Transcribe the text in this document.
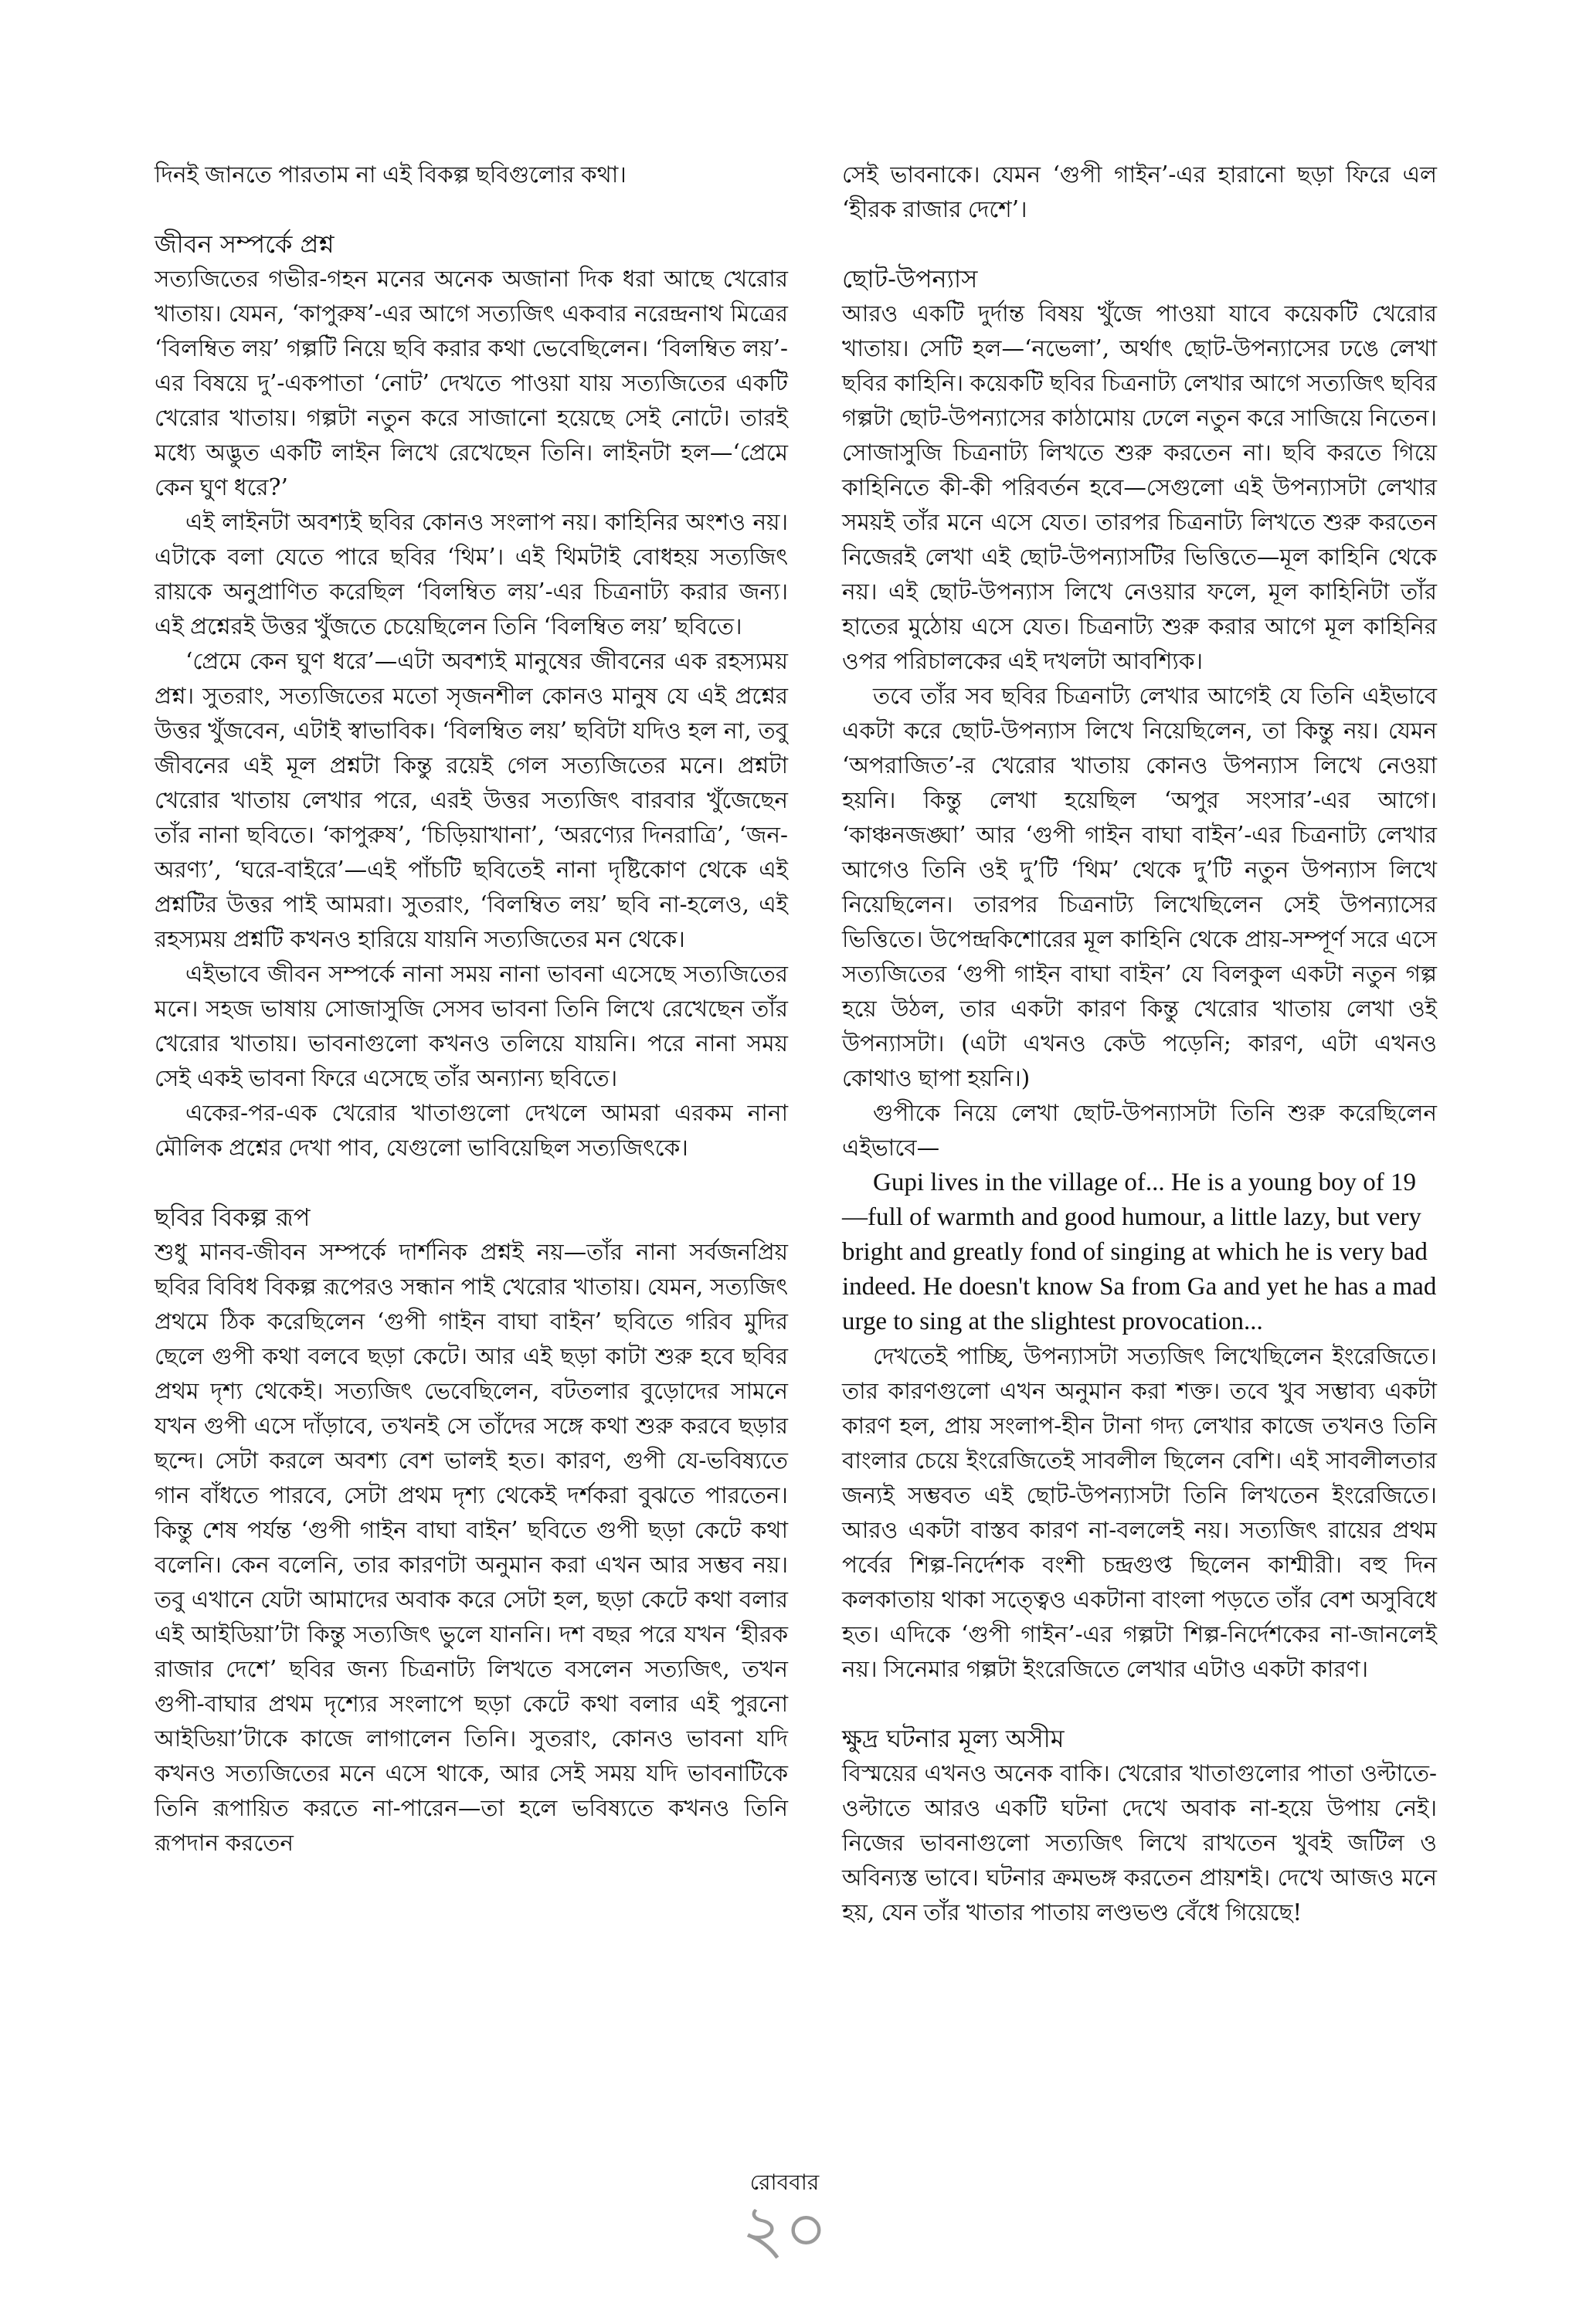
দিনই জানতে পারতাম না এই বিকল্প ছবিগুলোর কথা।

জীবন সম্পর্কে প্রশ্ন

সত্যজিতের গভীর-গহন মনের অনেক অজানা দিক ধরা আছে খেরোর খাতায়। যেমন, ‘কাপুরুষ’-এর আগে সত্যজিৎ একবার নরেন্দ্রনাথ মিত্রের ‘বিলম্বিত লয়’ গল্পটি নিয়ে ছবি করার কথা ভেবেছিলেন। ‘বিলম্বিত লয়’-এর বিষয়ে দু’-একপাতা ‘নোট’ দেখতে পাওয়া যায় সত্যজিতের একটি খেরোর খাতায়। গল্পটা নতুন করে সাজানো হয়েছে সেই নোটে। তারই মধ্যে অদ্ভুত একটি লাইন লিখে রেখেছেন তিনি। লাইনটা হল—‘প্রেমে কেন ঘুণ ধরে?’

এই লাইনটা অবশ্যই ছবির কোনও সংলাপ নয়। কাহিনির অংশও নয়। এটাকে বলা যেতে পারে ছবির ‘থিম’। এই থিমটাই বোধহয় সত্যজিৎ রায়কে অনুপ্রাণিত করেছিল ‘বিলম্বিত লয়’-এর চিত্রনাট্য করার জন্য। এই প্রশ্নেরই উত্তর খুঁজতে চেয়েছিলেন তিনি ‘বিলম্বিত লয়’ ছবিতে।

‘প্রেমে কেন ঘুণ ধরে’—এটা অবশ্যই মানুষের জীবনের এক রহস্যময় প্রশ্ন। সুতরাং, সত্যজিতের মতো সৃজনশীল কোনও মানুষ যে এই প্রশ্নের উত্তর খুঁজবেন, এটাই স্বাভাবিক। ‘বিলম্বিত লয়’ ছবিটা যদিও হল না, তবু জীবনের এই মূল প্রশ্নটা কিন্তু রয়েই গেল সত্যজিতের মনে। প্রশ্নটা খেরোর খাতায় লেখার পরে, এরই উত্তর সত্যজিৎ বারবার খুঁজেছেন তাঁর নানা ছবিতে। ‘কাপুরুষ’, ‘চিড়িয়াখানা’, ‘অরণ্যের দিনরাত্রি’, ‘জন-অরণ্য’, ‘ঘরে-বাইরে’—এই পাঁচটি ছবিতেই নানা দৃষ্টিকোণ থেকে এই প্রশ্নটির উত্তর পাই আমরা। সুতরাং, ‘বিলম্বিত লয়’ ছবি না-হলেও, এই রহস্যময় প্রশ্নটি কখনও হারিয়ে যায়নি সত্যজিতের মন থেকে।

এইভাবে জীবন সম্পর্কে নানা সময় নানা ভাবনা এসেছে সত্যজিতের মনে। সহজ ভাষায় সোজাসুজি সেসব ভাবনা তিনি লিখে রেখেছেন তাঁর খেরোর খাতায়। ভাবনাগুলো কখনও তলিয়ে যায়নি। পরে নানা সময় সেই একই ভাবনা ফিরে এসেছে তাঁর অন্যান্য ছবিতে।

একের-পর-এক খেরোর খাতাগুলো দেখলে আমরা এরকম নানা মৌলিক প্রশ্নের দেখা পাব, যেগুলো ভাবিয়েছিল সত্যজিৎকে।

ছবির বিকল্প রূপ

শুধু মানব-জীবন সম্পর্কে দার্শনিক প্রশ্নই নয়—তাঁর নানা সর্বজনপ্রিয় ছবির বিবিধ বিকল্প রূপেরও সন্ধান পাই খেরোর খাতায়। যেমন, সত্যজিৎ প্রথমে ঠিক করেছিলেন ‘গুপী গাইন বাঘা বাইন’ ছবিতে গরিব মুদির ছেলে গুপী কথা বলবে ছড়া কেটে। আর এই ছড়া কাটা শুরু হবে ছবির প্রথম দৃশ্য থেকেই। সত্যজিৎ ভেবেছিলেন, বটতলার বুড়োদের সামনে যখন গুপী এসে দাঁড়াবে, তখনই সে তাঁদের সঙ্গে কথা শুরু করবে ছড়ার ছন্দে। সেটা করলে অবশ্য বেশ ভালই হত। কারণ, গুপী যে-ভবিষ্যতে গান বাঁধতে পারবে, সেটা প্রথম দৃশ্য থেকেই দর্শকরা বুঝতে পারতেন। কিন্তু শেষ পর্যন্ত ‘গুপী গাইন বাঘা বাইন’ ছবিতে গুপী ছড়া কেটে কথা বলেনি। কেন বলেনি, তার কারণটা অনুমান করা এখন আর সম্ভব নয়। তবু এখানে যেটা আমাদের অবাক করে সেটা হল, ছড়া কেটে কথা বলার এই আইডিয়া’টা কিন্তু সত্যজিৎ ভুলে যাননি। দশ বছর পরে যখন ‘হীরক রাজার দেশে’ ছবির জন্য চিত্রনাট্য লিখতে বসলেন সত্যজিৎ, তখন গুপী-বাঘার প্রথম দৃশ্যের সংলাপে ছড়া কেটে কথা বলার এই পুরনো আইডিয়া’টাকে কাজে লাগালেন তিনি। সুতরাং, কোনও ভাবনা যদি কখনও সত্যজিতের মনে এসে থাকে, আর সেই সময় যদি ভাবনাটিকে তিনি রূপায়িত করতে না-পারেন—তা হলে ভবিষ্যতে কখনও তিনি রূপদান করতেন

সেই ভাবনাকে। যেমন ‘গুপী গাইন’-এর হারানো ছড়া ফিরে এল ‘হীরক রাজার দেশে’।

ছোট-উপন্যাস

আরও একটি দুর্দান্ত বিষয় খুঁজে পাওয়া যাবে কয়েকটি খেরোর খাতায়। সেটি হল—‘নভেলা’, অর্থাৎ ছোট-উপন্যাসের ঢঙে লেখা ছবির কাহিনি। কয়েকটি ছবির চিত্রনাট্য লেখার আগে সত্যজিৎ ছবির গল্পটা ছোট-উপন্যাসের কাঠামোয় ঢেলে নতুন করে সাজিয়ে নিতেন। সোজাসুজি চিত্রনাট্য লিখতে শুরু করতেন না। ছবি করতে গিয়ে কাহিনিতে কী-কী পরিবর্তন হবে—সেগুলো এই উপন্যাসটা লেখার সময়ই তাঁর মনে এসে যেত। তারপর চিত্রনাট্য লিখতে শুরু করতেন নিজেরই লেখা এই ছোট-উপন্যাসটির ভিত্তিতে—মূল কাহিনি থেকে নয়। এই ছোট-উপন্যাস লিখে নেওয়ার ফলে, মূল কাহিনিটা তাঁর হাতের মুঠোয় এসে যেত। চিত্রনাট্য শুরু করার আগে মূল কাহিনির ওপর পরিচালকের এই দখলটা আবশ্যিক।

তবে তাঁর সব ছবির চিত্রনাট্য লেখার আগেই যে তিনি এইভাবে একটা করে ছোট-উপন্যাস লিখে নিয়েছিলেন, তা কিন্তু নয়। যেমন ‘অপরাজিত’-র খেরোর খাতায় কোনও উপন্যাস লিখে নেওয়া হয়নি। কিন্তু লেখা হয়েছিল ‘অপুর সংসার’-এর আগে। ‘কাঞ্চনজঙ্ঘা’ আর ‘গুপী গাইন বাঘা বাইন’-এর চিত্রনাট্য লেখার আগেও তিনি ওই দু’টি ‘থিম’ থেকে দু’টি নতুন উপন্যাস লিখে নিয়েছিলেন। তারপর চিত্রনাট্য লিখেছিলেন সেই উপন্যাসের ভিত্তিতে। উপেন্দ্রকিশোরের মূল কাহিনি থেকে প্রায়-সম্পূর্ণ সরে এসে সত্যজিতের ‘গুপী গাইন বাঘা বাইন’ যে বিলকুল একটা নতুন গল্প হয়ে উঠল, তার একটা কারণ কিন্তু খেরোর খাতায় লেখা ওই উপন্যাসটা। (এটা এখনও কেউ পড়েনি; কারণ, এটা এখনও কোথাও ছাপা হয়নি।)

গুপীকে নিয়ে লেখা ছোট-উপন্যাসটা তিনি শুরু করেছিলেন এইভাবে—

Gupi lives in the village of... He is a young boy of 19—full of warmth and good humour, a little lazy, but very bright and greatly fond of singing at which he is very bad indeed. He doesn't know Sa from Ga and yet he has a mad urge to sing at the slightest provocation...

দেখতেই পাচ্ছি, উপন্যাসটা সত্যজিৎ লিখেছিলেন ইংরেজিতে। তার কারণগুলো এখন অনুমান করা শক্ত। তবে খুব সম্ভাব্য একটা কারণ হল, প্রায় সংলাপ-হীন টানা গদ্য লেখার কাজে তখনও তিনি বাংলার চেয়ে ইংরেজিতেই সাবলীল ছিলেন বেশি। এই সাবলীলতার জন্যই সম্ভবত এই ছোট-উপন্যাসটা তিনি লিখতেন ইংরেজিতে। আরও একটা বাস্তব কারণ না-বললেই নয়। সত্যজিৎ রায়ের প্রথম পর্বের শিল্প-নির্দেশক বংশী চন্দ্রগুপ্ত ছিলেন কাশ্মীরী। বহু দিন কলকাতায় থাকা সত্ত্বেও একটানা বাংলা পড়তে তাঁর বেশ অসুবিধে হত। এদিকে ‘গুপী গাইন’-এর গল্পটা শিল্প-নির্দেশকের না-জানলেই নয়। সিনেমার গল্পটা ইংরেজিতে লেখার এটাও একটা কারণ।

ক্ষুদ্র ঘটনার মূল্য অসীম

বিস্ময়ের এখনও অনেক বাকি। খেরোর খাতাগুলোর পাতা ওল্টাতে-ওল্টাতে আরও একটি ঘটনা দেখে অবাক না-হয়ে উপায় নেই। নিজের ভাবনাগুলো সত্যজিৎ লিখে রাখতেন খুবই জটিল ও অবিন্যস্ত ভাবে। ঘটনার ক্রমভঙ্গ করতেন প্রায়শই। দেখে আজও মনে হয়, যেন তাঁর খাতার পাতায় লণ্ডভণ্ড বেঁধে গিয়েছে!

রোববার
২০
